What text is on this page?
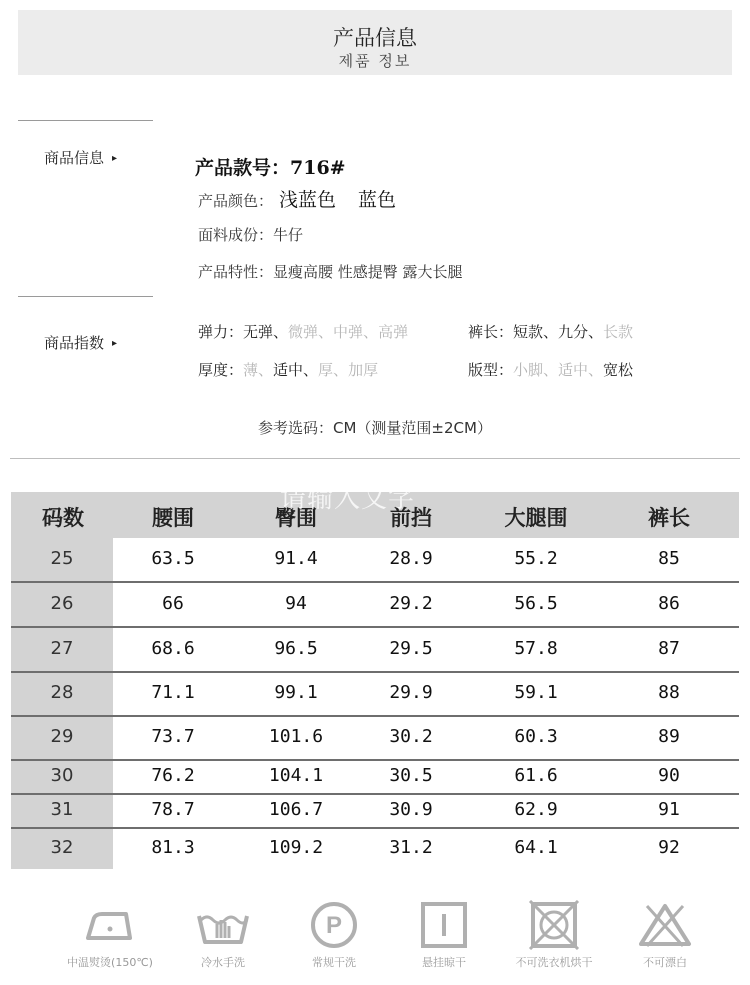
产品信息
제품 정보
商品信息 ▸	产品款号：716#
产品颜色： 浅蓝色 蓝色
面料成份：牛仔
产品特性：显瘦高腰 性感提臀 露大长腿
商品指数 ▸
弹力：无弹、微弹、中弹、高弹	裤长：短款、九分、长款
厚度：薄、适中、厚、加厚	版型：小脚、适中、宽松
参考选码：CM（测量范围±2CM）
码数	腰围	臀围	前挡	大腿围	裤长
25	63.5	91.4	28.9	55.2	85
26	66	94	29.2	56.5	86
27	68.6	96.5	29.5	57.8	87
28	71.1	99.1	29.9	59.1	88
29	73.7	101.6	30.2	60.3	89
30	76.2	104.1	30.5	61.6	90
31	78.7	106.7	30.9	62.9	91
32	81.3	109.2	31.2	64.1	92
请输入文字
中温熨烫(150℃)	冷水手洗
P
常规干洗	悬挂晾干	不可洗衣机烘干	不可漂白
